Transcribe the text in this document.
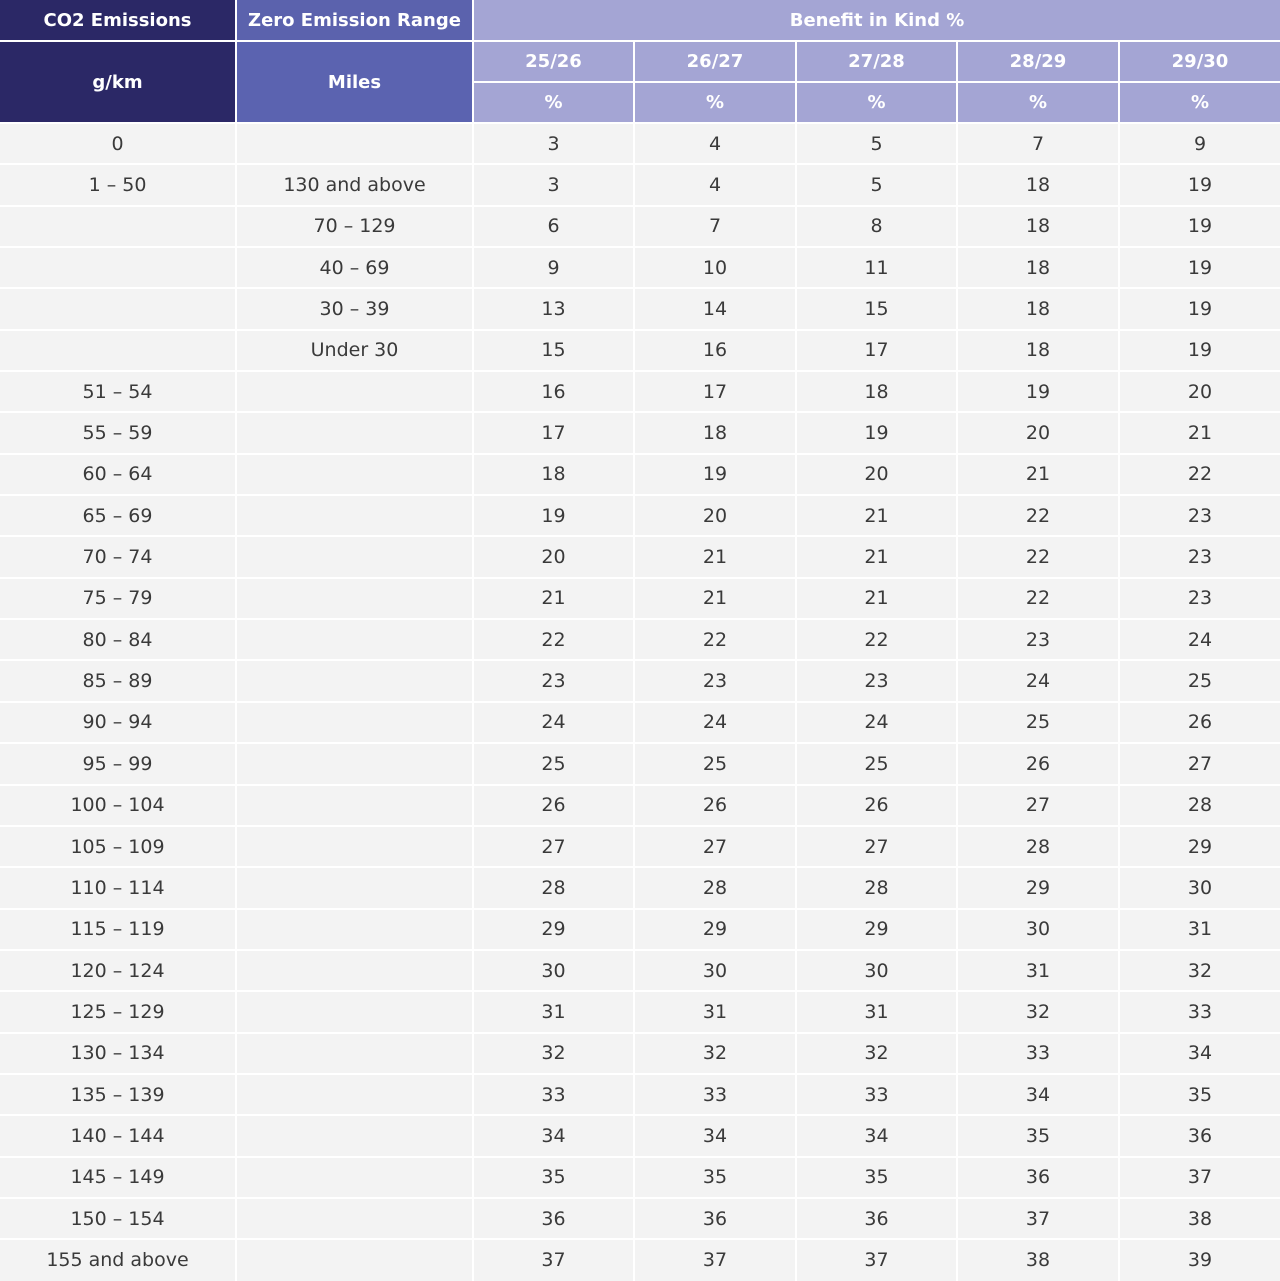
CO2 Emissions	Zero Emission Range	Benefit in Kind %				
g/km	Miles	25/26	26/27	27/28	28/29	29/30
		%	%	%	%	%
0		3	4	5	7	9
1 – 50	130 and above	3	4	5	18	19
	70 – 129	6	7	8	18	19
	40 – 69	9	10	11	18	19
	30 – 39	13	14	15	18	19
	Under 30	15	16	17	18	19
51 – 54		16	17	18	19	20
55 – 59		17	18	19	20	21
60 – 64		18	19	20	21	22
65 – 69		19	20	21	22	23
70 – 74		20	21	21	22	23
75 – 79		21	21	21	22	23
80 – 84		22	22	22	23	24
85 – 89		23	23	23	24	25
90 – 94		24	24	24	25	26
95 – 99		25	25	25	26	27
100 – 104		26	26	26	27	28
105 – 109		27	27	27	28	29
110 – 114		28	28	28	29	30
115 – 119		29	29	29	30	31
120 – 124		30	30	30	31	32
125 – 129		31	31	31	32	33
130 – 134		32	32	32	33	34
135 – 139		33	33	33	34	35
140 – 144		34	34	34	35	36
145 – 149		35	35	35	36	37
150 – 154		36	36	36	37	38
155 and above		37	37	37	38	39
